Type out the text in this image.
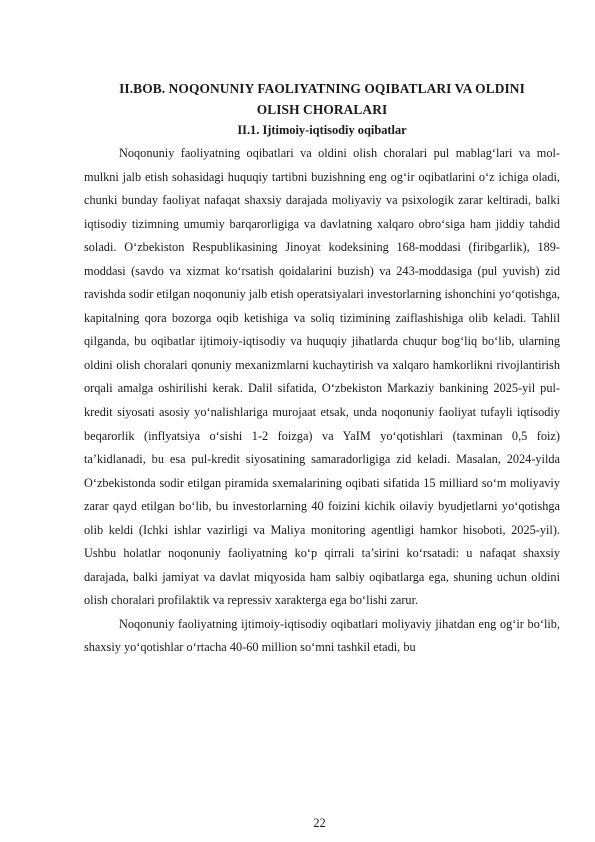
II.BOB. NOQONUNIY FAOLIYATNING OQIBATLARI VA OLDINI

OLISH CHORALARI

II.1. Ijtimoiy-iqtisodiy oqibatlar

Noqonuniy faoliyatning oqibatlari va oldini olish choralari pul mablag‘lari va mol-mulkni jalb etish sohasidagi huquqiy tartibni buzishning eng og‘ir oqibatlarini o‘z ichiga oladi, chunki bunday faoliyat nafaqat shaxsiy darajada moliyaviy va psixologik zarar keltiradi, balki iqtisodiy tizimning umumiy barqarorligiga va davlatning xalqaro obro‘siga ham jiddiy tahdid soladi. O‘zbekiston Respublikasining Jinoyat kodeksining 168-moddasi (firibgarlik), 189-moddasi (savdo va xizmat ko‘rsatish qoidalarini buzish) va 243-moddasiga (pul yuvish) zid ravishda sodir etilgan noqonuniy jalb etish operatsiyalari investorlarning ishonchini yo‘qotishga, kapitalning qora bozorga oqib ketishiga va soliq tizimining zaiflashishiga olib keladi. Tahlil qilganda, bu oqibatlar ijtimoiy-iqtisodiy va huquqiy jihatlarda chuqur bog‘liq bo‘lib, ularning oldini olish choralari qonuniy mexanizmlarni kuchaytirish va xalqaro hamkorlikni rivojlantirish orqali amalga oshirilishi kerak. Dalil sifatida, O‘zbekiston Markaziy bankining 2025-yil pul-kredit siyosati asosiy yo‘nalishlariga murojaat etsak, unda noqonuniy faoliyat tufayli iqtisodiy beqarorlik (inflyatsiya o‘sishi 1-2 foizga) va YaIM yo‘qotishlari (taxminan 0,5 foiz) ta’kidlanadi, bu esa pul-kredit siyosatining samaradorligiga zid keladi. Masalan, 2024-yilda O‘zbekistonda sodir etilgan piramida sxemalarining oqibati sifatida 15 milliard so‘m moliyaviy zarar qayd etilgan bo‘lib, bu investorlarning 40 foizini kichik oilaviy byudjetlarni yo‘qotishga olib keldi (Ichki ishlar vazirligi va Maliya monitoring agentligi hamkor hisoboti, 2025-yil). Ushbu holatlar noqonuniy faoliyatning ko‘p qirrali ta’sirini ko‘rsatadi: u nafaqat shaxsiy darajada, balki jamiyat va davlat miqyosida ham salbiy oqibatlarga ega, shuning uchun oldini olish choralari profilaktik va repressiv xarakterga ega bo‘lishi zarur.

Noqonuniy faoliyatning ijtimoiy-iqtisodiy oqibatlari moliyaviy jihatdan eng og‘ir bo‘lib, shaxsiy yo‘qotishlar o‘rtacha 40-60 million so‘mni tashkil etadi, bu

22
